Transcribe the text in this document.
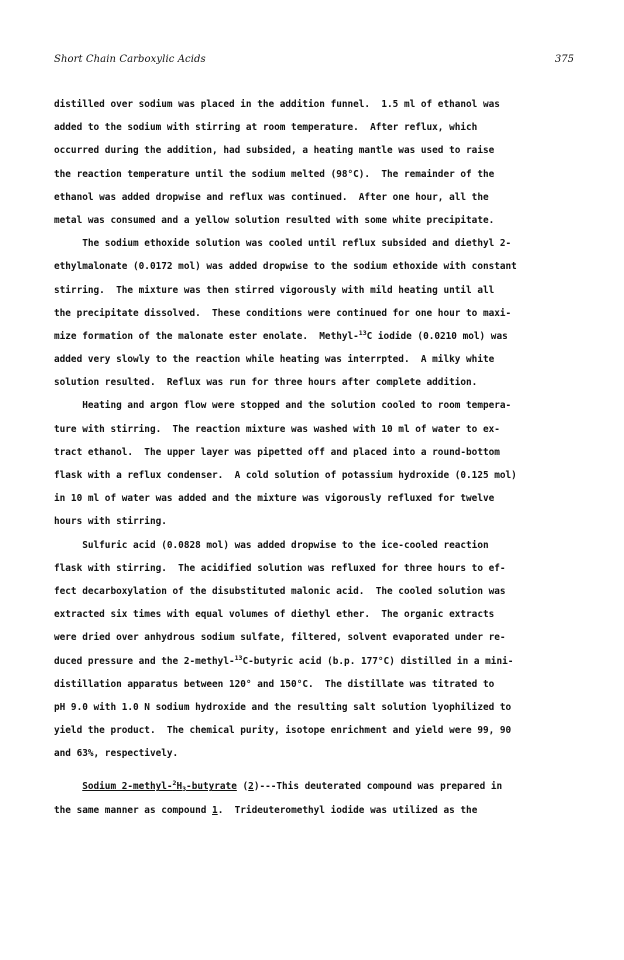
Short Chain Carboxylic Acids	375
distilled over sodium was placed in the addition funnel.  1.5 ml of ethanol was
added to the sodium with stirring at room temperature.  After reflux, which
occurred during the addition, had subsided, a heating mantle was used to raise
the reaction temperature until the sodium melted (98°C).  The remainder of the
ethanol was added dropwise and reflux was continued.  After one hour, all the
metal was consumed and a yellow solution resulted with some white precipitate.
The sodium ethoxide solution was cooled until reflux subsided and diethyl 2-
ethylmalonate (0.0172 mol) was added dropwise to the sodium ethoxide with constant
stirring.  The mixture was then stirred vigorously with mild heating until all
the precipitate dissolved.  These conditions were continued for one hour to maxi-
mize formation of the malonate ester enolate.  Methyl-$^{13}$C iodide (0.0210 mol) was
added very slowly to the reaction while heating was interrpted.  A milky white
solution resulted.  Reflux was run for three hours after complete addition.
Heating and argon flow were stopped and the solution cooled to room tempera-
ture with stirring.  The reaction mixture was washed with 10 ml of water to ex-
tract ethanol.  The upper layer was pipetted off and placed into a round-bottom
flask with a reflux condenser.  A cold solution of potassium hydroxide (0.125 mol)
in 10 ml of water was added and the mixture was vigorously refluxed for twelve
hours with stirring.
Sulfuric acid (0.0828 mol) was added dropwise to the ice-cooled reaction
flask with stirring.  The acidified solution was refluxed for three hours to ef-
fect decarboxylation of the disubstituted malonic acid.  The cooled solution was
extracted six times with equal volumes of diethyl ether.  The organic extracts
were dried over anhydrous sodium sulfate, filtered, solvent evaporated under re-
duced pressure and the 2-methyl-$^{13}$C-butyric acid (b.p. 177°C) distilled in a mini-
distillation apparatus between 120° and 150°C.  The distillate was titrated to
pH 9.0 with 1.0 N sodium hydroxide and the resulting salt solution lyophilized to
yield the product.  The chemical purity, isotope enrichment and yield were 99, 90
and 63%, respectively.
Sodium $2-methyl-^2H_3$-butyrate (2)---This deuterated compound was prepared in
the same manner as compound 1.  Trideuteromethyl iodide was utilized as the
